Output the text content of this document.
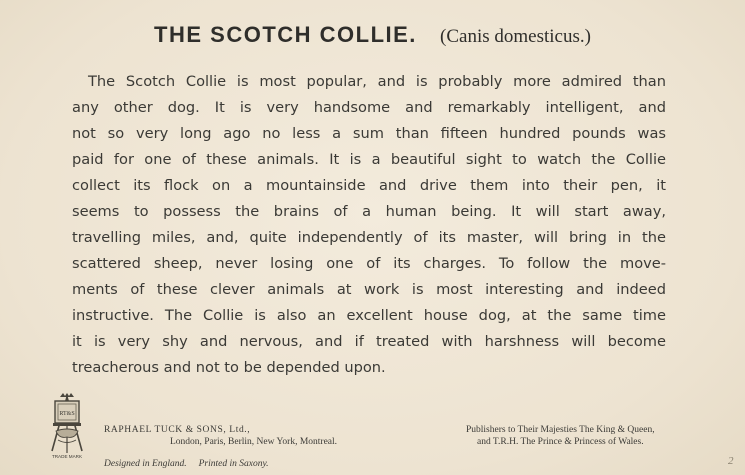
THE SCOTCH COLLIE. (Canis domesticus.)
The Scotch Collie is most popular, and is probably more admired than
any other dog. It is very handsome and remarkably intelligent, and
not so very long ago no less a sum than fifteen hundred pounds was
paid for one of these animals. It is a beautiful sight to watch the Collie
collect its flock on a mountainside and drive them into their pen, it
seems to possess the brains of a human being. It will start away,
travelling miles, and, quite independently of its master, will bring in the
scattered sheep, never losing one of its charges. To follow the move-
ments of these clever animals at work is most interesting and indeed
instructive. The Collie is also an excellent house dog, at the same time
it is very shy and nervous, and if treated with harshness will become
treacherous and not to be depended upon.
RT&S
TRADE MARK
RAPHAEL TUCK & SONS, Ltd.,
London, Paris, Berlin, New York, Montreal.
Designed in England. Printed in Saxony.
Publishers to Their Majesties The King & Queen,
and T.R.H. The Prince & Princess of Wales.
2
